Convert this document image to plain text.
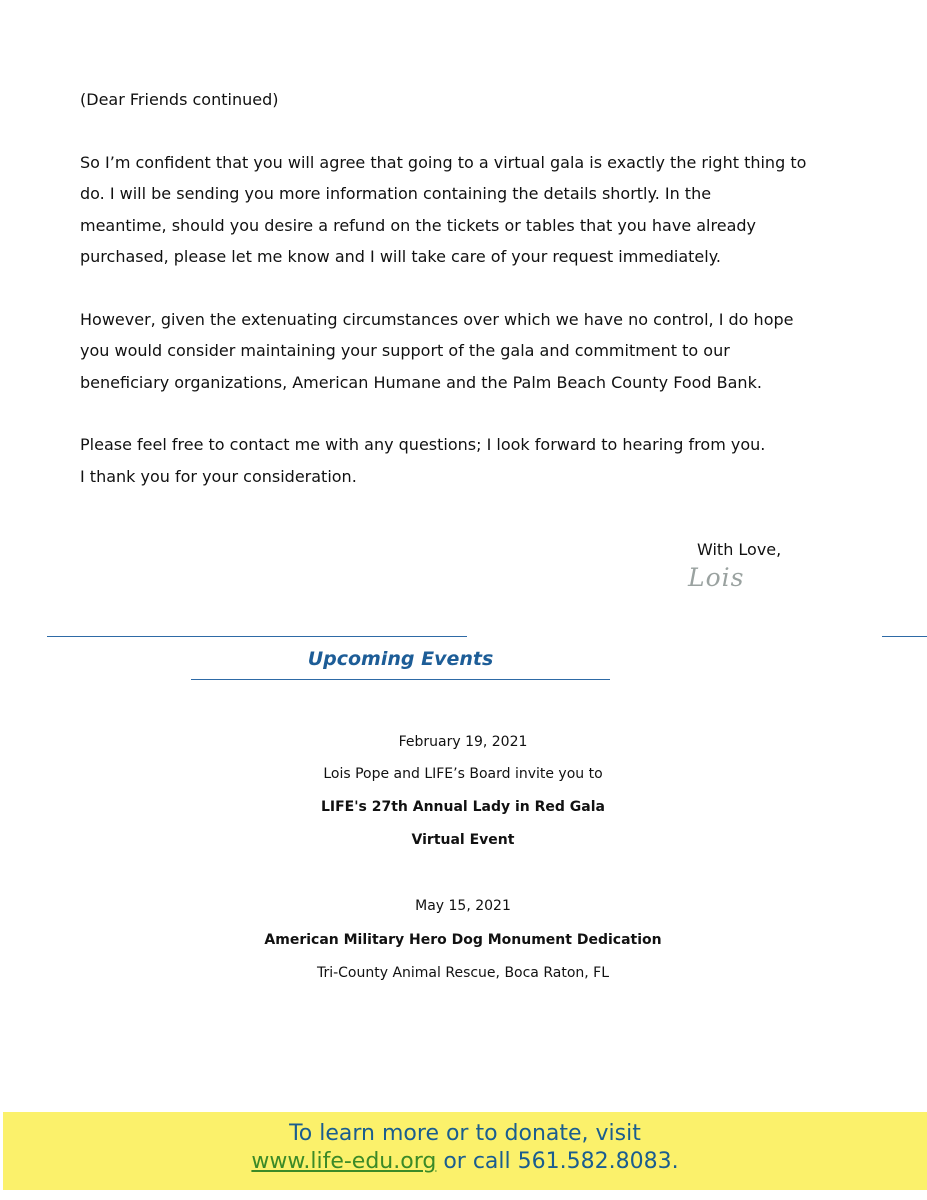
(Dear Friends continued)

So I’m confident that you will agree that going to a virtual gala is exactly the right thing to

do. I will be sending you more information containing the details shortly. In the

meantime, should you desire a refund on the tickets or tables that you have already

purchased, please let me know and I will take care of your request immediately.

However, given the extenuating circumstances over which we have no control, I do hope

you would consider maintaining your support of the gala and commitment to our

beneficiary organizations, American Humane and the Palm Beach County Food Bank.

Please feel free to contact me with any questions; I look forward to hearing from you.

I thank you for your consideration.

With Love,
Lois
Upcoming Events
February 19, 2021
Lois Pope and LIFE’s Board invite you to
LIFE's 27th Annual Lady in Red Gala
Virtual Event
May 15, 2021
American Military Hero Dog Monument Dedication
Tri-County Animal Rescue, Boca Raton, FL
To learn more or to donate, visit
www.life-edu.org or call 561.582.8083.
